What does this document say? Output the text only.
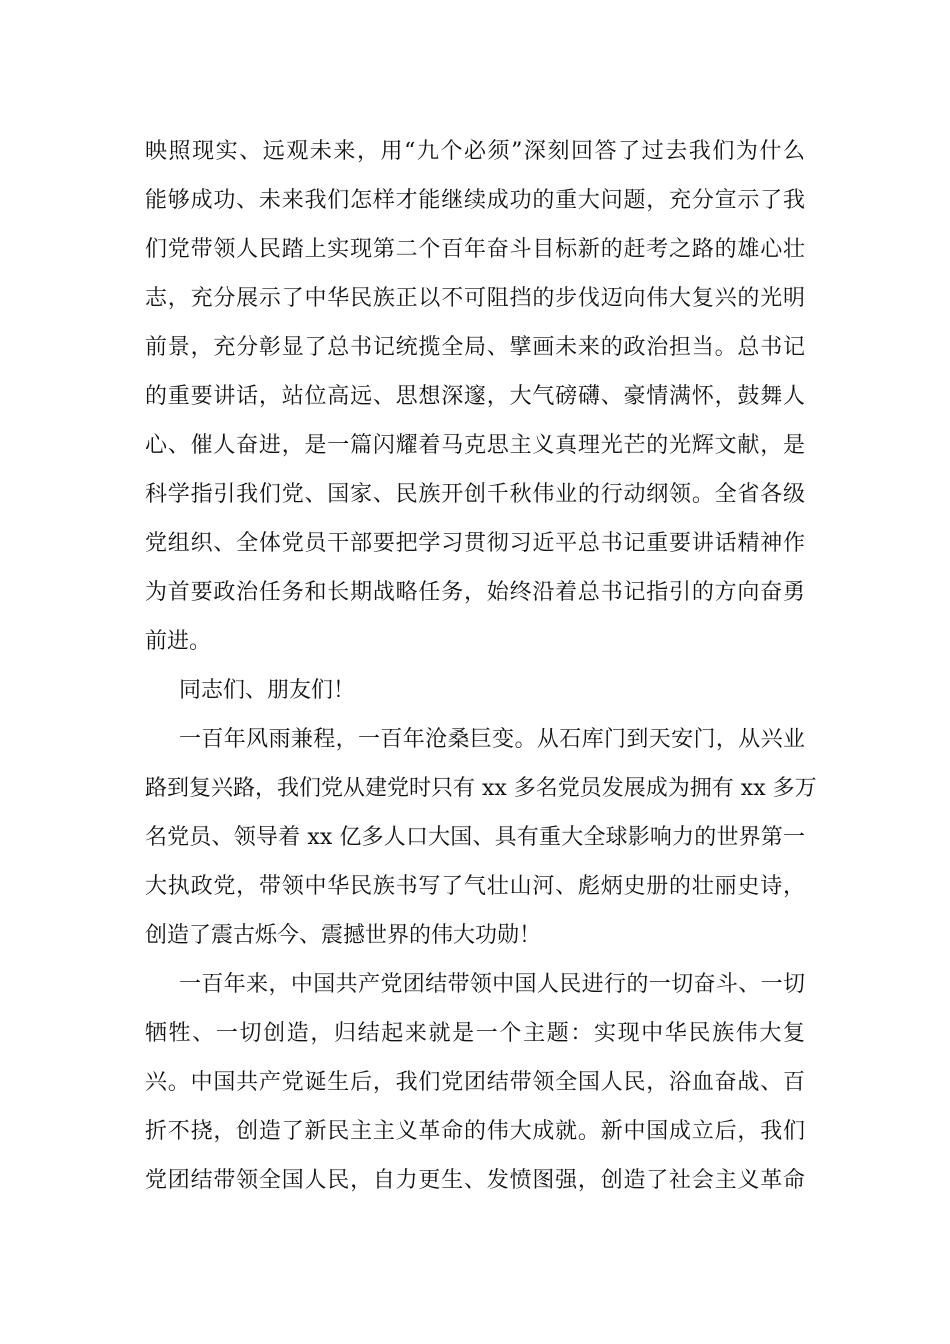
映照现实、远观未来，用“九个必须”深刻回答了过去我们为什么
能够成功、未来我们怎样才能继续成功的重大问题，充分宣示了我
们党带领人民踏上实现第二个百年奋斗目标新的赶考之路的雄心壮
志，充分展示了中华民族正以不可阻挡的步伐迈向伟大复兴的光明
前景，充分彰显了总书记统揽全局、擘画未来的政治担当。总书记
的重要讲话，站位高远、思想深邃，大气磅礴、豪情满怀，鼓舞人
心、催人奋进，是一篇闪耀着马克思主义真理光芒的光辉文献，是
科学指引我们党、国家、民族开创千秋伟业的行动纲领。全省各级
党组织、全体党员干部要把学习贯彻习近平总书记重要讲话精神作
为首要政治任务和长期战略任务，始终沿着总书记指引的方向奋勇
前进。
同志们、朋友们！
一百年风雨兼程，一百年沧桑巨变。从石库门到天安门，从兴业
路到复兴路，我们党从建党时只有 xx 多名党员发展成为拥有 xx 多万
名党员、领导着 xx 亿多人口大国、具有重大全球影响力的世界第一
大执政党，带领中华民族书写了气壮山河、彪炳史册的壮丽史诗，
创造了震古烁今、震撼世界的伟大功勋！
一百年来，中国共产党团结带领中国人民进行的一切奋斗、一切
牺牲、一切创造，归结起来就是一个主题：实现中华民族伟大复
兴。中国共产党诞生后，我们党团结带领全国人民，浴血奋战、百
折不挠，创造了新民主主义革命的伟大成就。新中国成立后，我们
党团结带领全国人民，自力更生、发愤图强，创造了社会主义革命
